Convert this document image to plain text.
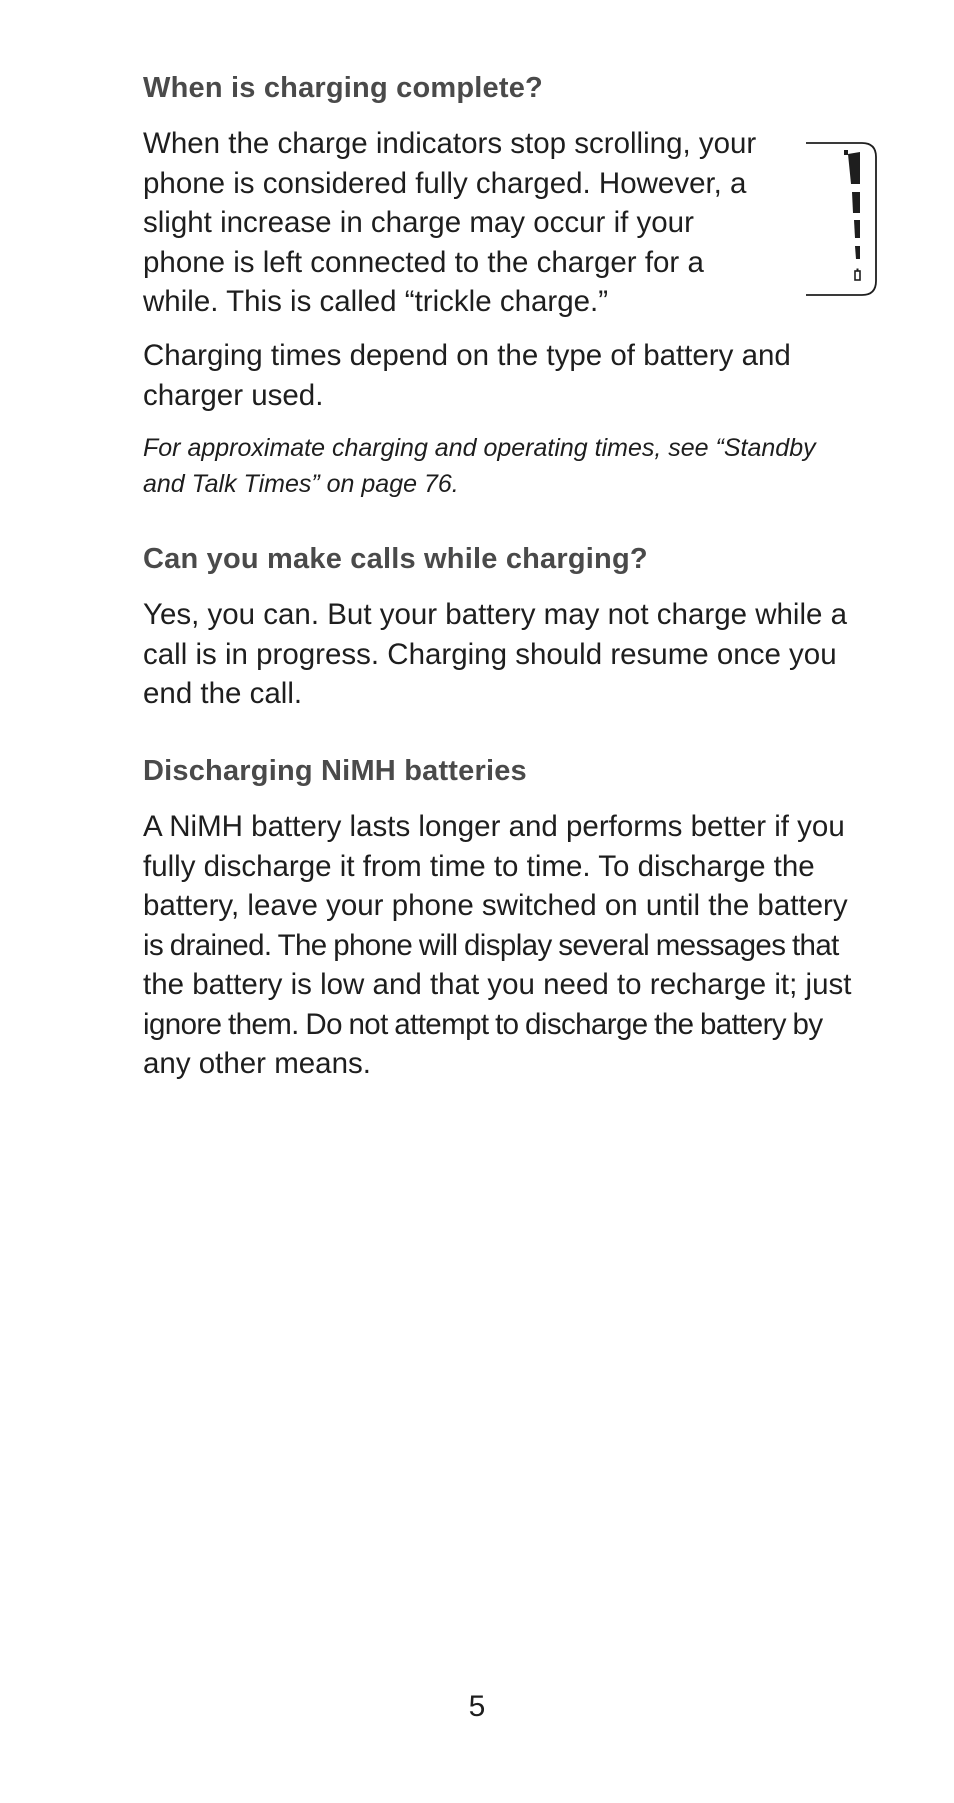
When is charging complete?

When the charge indicators stop scrolling, your
phone is considered fully charged. However, a
slight increase in charge may occur if your
phone is left connected to the charger for a
while. This is called “trickle charge.”

Charging times depend on the type of battery and
charger used.

For approximate charging and operating times, see “Standby
and Talk Times” on page 76.

Can you make calls while charging?

Yes, you can. But your battery may not charge while a
call is in progress. Charging should resume once you
end the call.

Discharging NiMH batteries

A NiMH battery lasts longer and performs better if you
fully discharge it from time to time. To discharge the
battery, leave your phone switched on until the battery
is drained. The phone will display several messages that
the battery is low and that you need to recharge it; just
ignore them. Do not attempt to discharge the battery by
any other means.

5
